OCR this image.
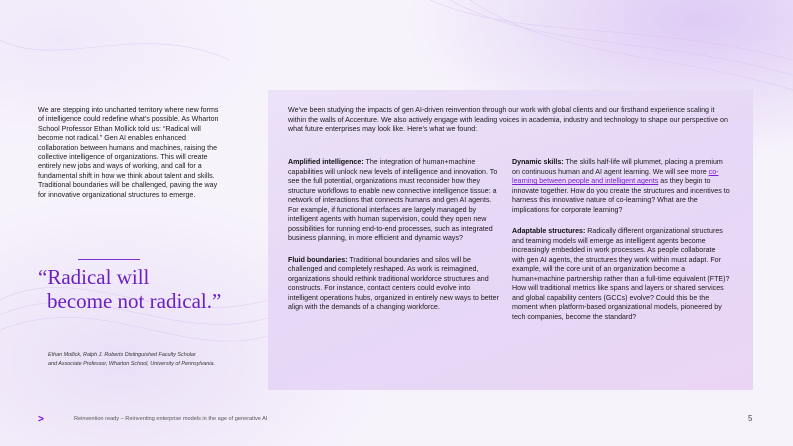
We are stepping into uncharted territory where new forms of intelligence could redefine what’s possible. As Wharton School Professor Ethan Mollick told us: “Radical will become not radical.” Gen AI enables enhanced collaboration between humans and machines, raising the collective intelligence of organizations. This will create entirely new jobs and ways of working, and call for a fundamental shift in how we think about talent and skills. Traditional boundaries will be challenged, paving the way for innovative organizational structures to emerge.
“Radical will
become not radical.”
Ethan Mollick, Ralph J. Roberts Distinguished Faculty Scholar
and Associate Professor, Wharton School, University of Pennsylvania.
We’ve been studying the impacts of gen AI-driven reinvention through our work with global clients and our firsthand experience scaling it within the walls of Accenture. We also actively engage with leading voices in academia, industry and technology to shape our perspective on what future enterprises may look like. Here’s what we found:

Amplified intelligence: The integration of human+machine capabilities will unlock new levels of intelligence and innovation. To see the full potential, organizations must reconsider how they structure workflows to enable new connective intelligence tissue: a network of interactions that connects humans and gen AI agents. For example, if functional interfaces are largely managed by intelligent agents with human supervision, could they open new possibilities for running end-to-end processes, such as integrated business planning, in more efficient and dynamic ways?

Fluid boundaries: Traditional boundaries and silos will be challenged and completely reshaped. As work is reimagined, organizations should rethink traditional workforce structures and constructs. For instance, contact centers could evolve into intelligent operations hubs, organized in entirely new ways to better align with the demands of a changing workforce.

Dynamic skills: The skills half-life will plummet, placing a premium on continuous human and AI agent learning. We will see more co-learning between people and intelligent agents as they begin to innovate together. How do you create the structures and incentives to harness this innovative nature of co-learning? What are the implications for corporate learning?

Adaptable structures: Radically different organizational structures and teaming models will emerge as intelligent agents become increasingly embedded in work processes. As people collaborate with gen AI agents, the structures they work within must adapt. For example, will the core unit of an organization become a human+machine partnership rather than a full-time equivalent (FTE)? How will traditional metrics like spans and layers or shared services and global capability centers (GCCs) evolve? Could this be the moment when platform-based organizational models, pioneered by tech companies, become the standard?

>	Reinvention ready – Reinventing enterprise models in the age of generative AI	5
